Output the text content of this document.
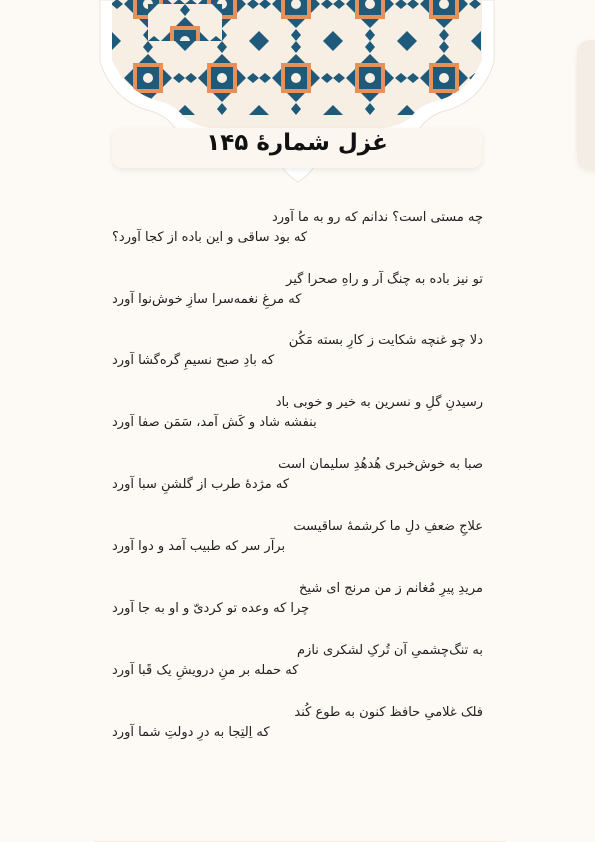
غزل شمارهٔ ۱۴۵
چه مستی است؟ ندانم که رو به ما آورد
که بود ساقی و این باده از کجا آورد؟
تو نیز باده به چنگ آر و راهِ صحرا گیر
که مرغِ نغمه‌سرا سازِ خوش‌نوا آورد
دلا چو غنچه شکایت ز کارِ بسته مَکُن
که بادِ صبح نسیمِ گره‌گشا آورد
رسیدنِ گلِ و نسرین به خیر و خوبی باد
بنفشه شاد و کَش آمد، سَمَن صفا آورد
صبا به خوش‌خبری هُدهُدِ سلیمان است
که مژدهٔ طرب از گلشنِ سبا آورد
علاجِ ضعفِ دلِ ما کرشمهٔ ساقیست
برآر سر که طبیب آمد و دوا آورد
مریدِ پیرِ مُغانم ز من مرنج ای شیخ
چرا که وعده تو کردیّ و او به جا آورد
به تنگ‌چشمیِ آن تُرکِ لشکری نازم
که حمله بر منِ درویشِ یک قَبا آورد
فلک غلامیِ حافظ کنون به طوع کُند
که اِلتِجا به درِ دولتِ شما آورد
